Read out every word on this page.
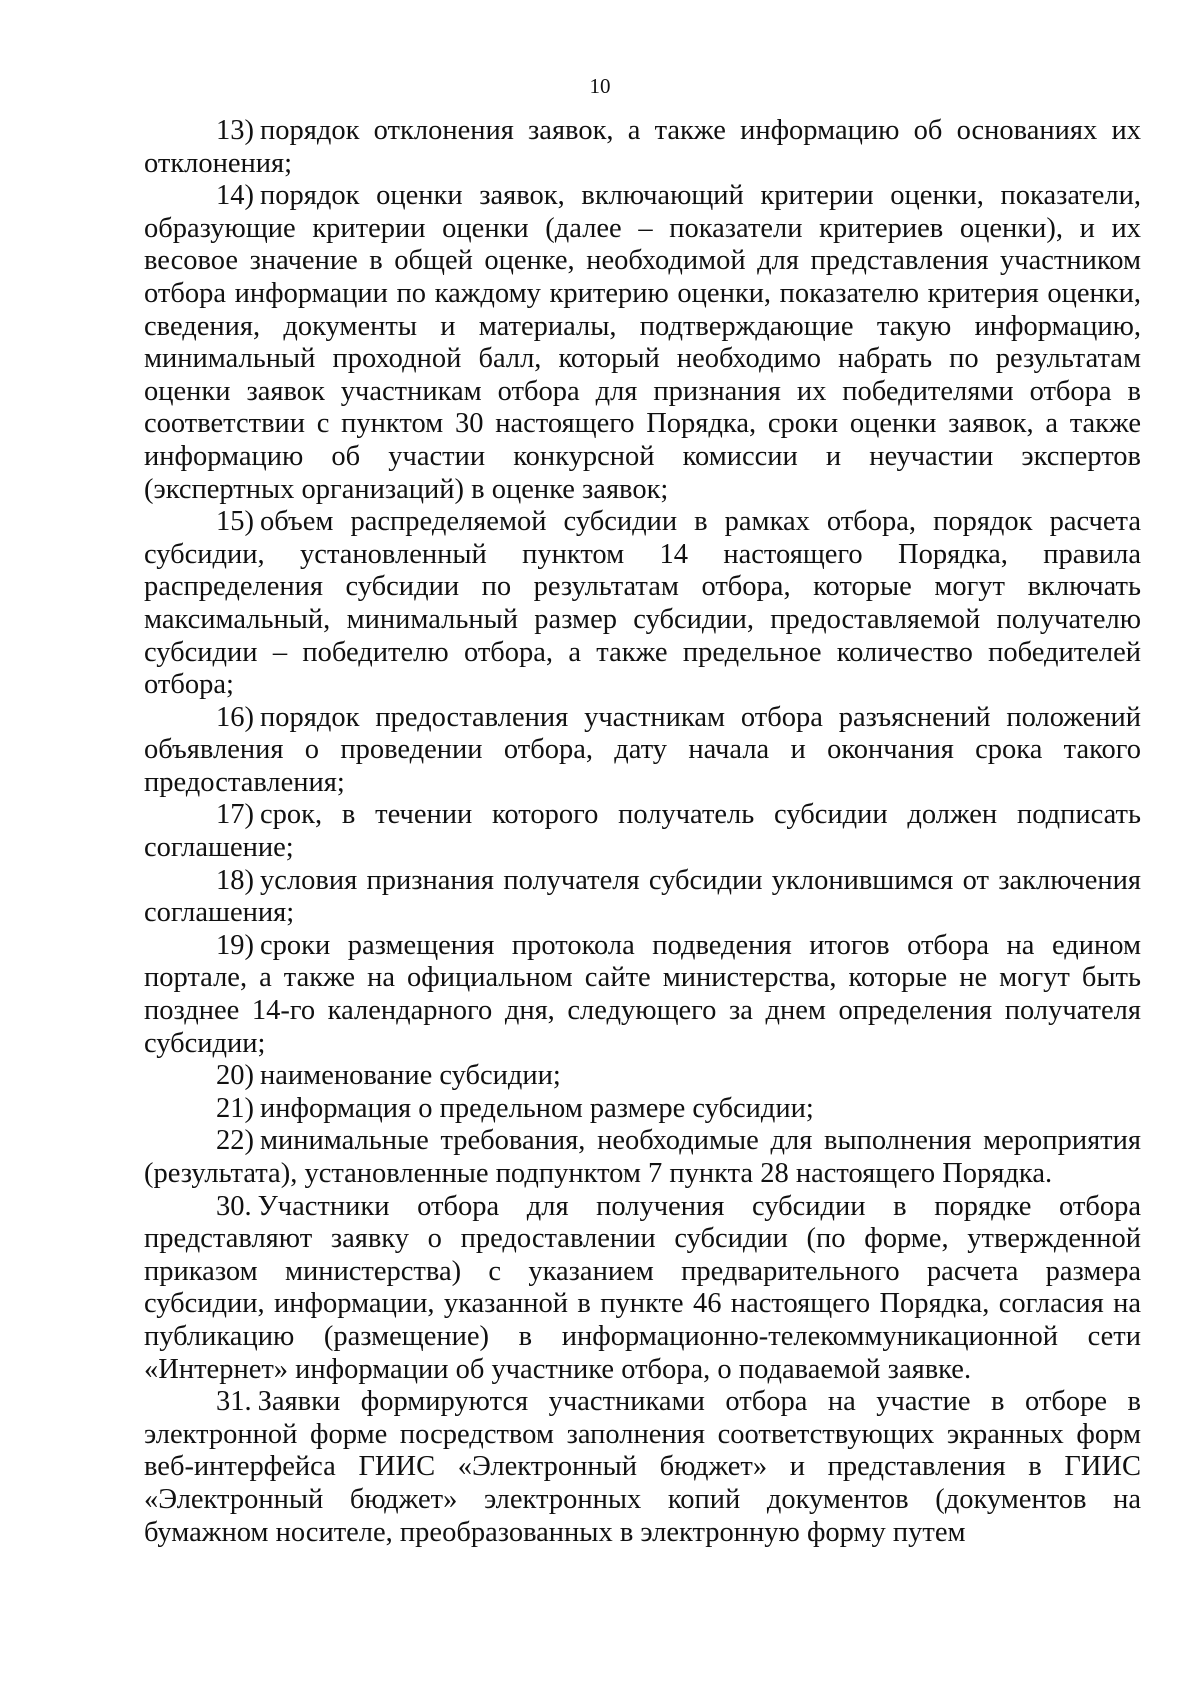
10

13) порядок отклонения заявок, а также информацию об основаниях их отклонения;

14) порядок оценки заявок, включающий критерии оценки, показатели, образующие критерии оценки (далее – показатели критериев оценки), и их весовое значение в общей оценке, необходимой для представления участником отбора информации по каждому критерию оценки, показателю критерия оценки, сведения, документы и материалы, подтверждающие такую информацию, минимальный проходной балл, который необходимо набрать по результатам оценки заявок участникам отбора для признания их победителями отбора в соответствии с пунктом 30 настоящего Порядка, сроки оценки заявок, а также информацию об участии конкурсной комиссии и неучастии экспертов (экспертных организаций) в оценке заявок;

15) объем распределяемой субсидии в рамках отбора, порядок расчета субсидии, установленный пунктом 14 настоящего Порядка, правила распределения субсидии по результатам отбора, которые могут включать максимальный, минимальный размер субсидии, предоставляемой получателю субсидии – победителю отбора, а также предельное количество победителей отбора;

16) порядок предоставления участникам отбора разъяснений положений объявления о проведении отбора, дату начала и окончания срока такого предоставления;

17) срок, в течении которого получатель субсидии должен подписать соглашение;

18) условия признания получателя субсидии уклонившимся от заключения соглашения;

19) сроки размещения протокола подведения итогов отбора на едином портале, а также на официальном сайте министерства, которые не могут быть позднее 14-го календарного дня, следующего за днем определения получателя субсидии;

20) наименование субсидии;

21) информация о предельном размере субсидии;

22) минимальные требования, необходимые для выполнения мероприятия (результата), установленные подпунктом 7 пункта 28 настоящего Порядка.

30. Участники отбора для получения субсидии в порядке отбора представляют заявку о предоставлении субсидии (по форме, утвержденной приказом министерства) с указанием предварительного расчета размера субсидии, информации, указанной в пункте 46 настоящего Порядка, согласия на публикацию (размещение) в информационно-телекоммуникационной сети «Интернет» информации об участнике отбора, о подаваемой заявке.

31. Заявки формируются участниками отбора на участие в отборе в электронной форме посредством заполнения соответствующих экранных форм веб-интерфейса ГИИС «Электронный бюджет» и представления в ГИИС «Электронный бюджет» электронных копий документов (документов на бумажном носителе, преобразованных в электронную форму путем
